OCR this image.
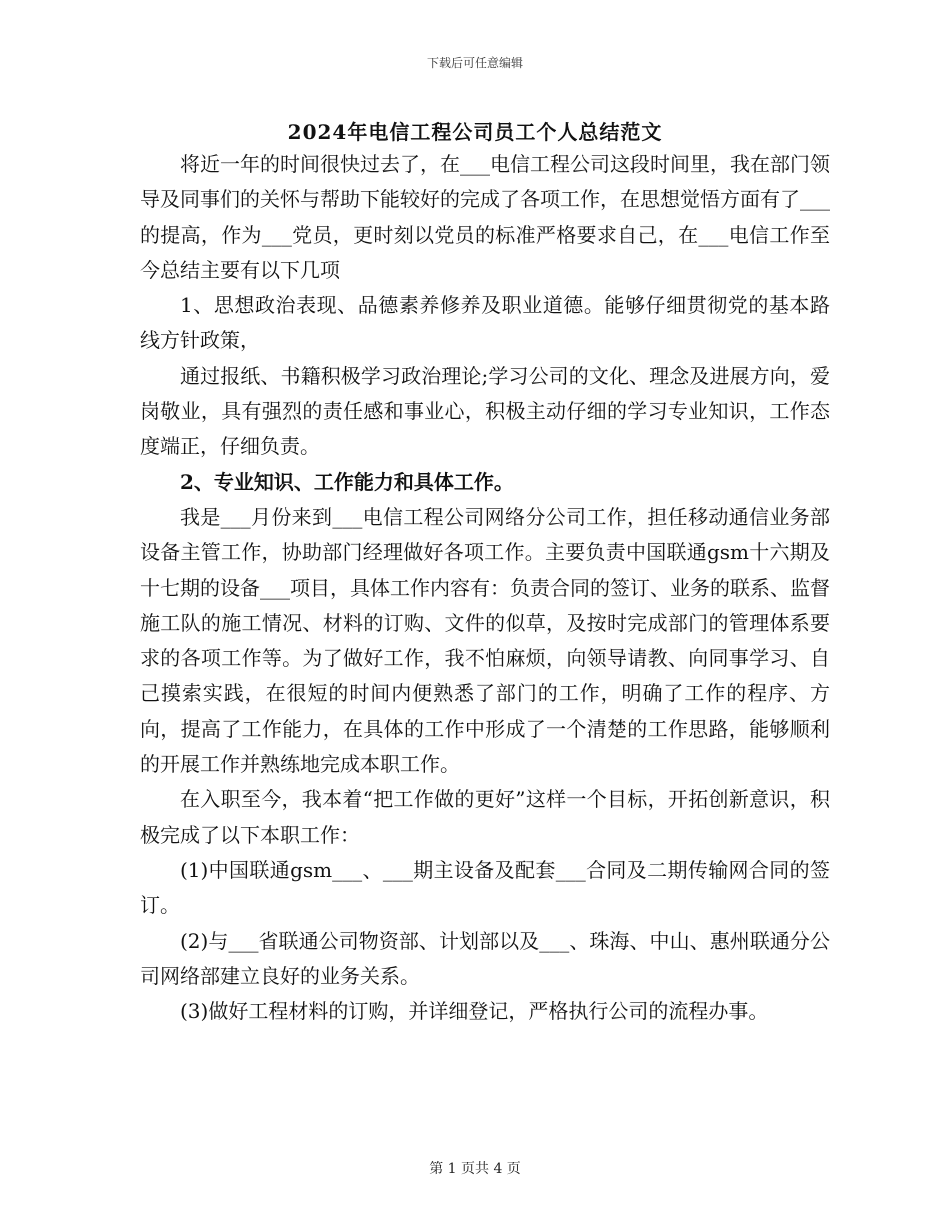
下载后可任意编辑
2024年电信工程公司员工个人总结范文

将近一年的时间很快过去了，在___电信工程公司这段时间里，我在部门领导及同事们的关怀与帮助下能较好的完成了各项工作，在思想觉悟方面有了___的提高，作为___党员，更时刻以党员的标准严格要求自己，在___电信工作至今总结主要有以下几项

1、思想政治表现、品德素养修养及职业道德。能够仔细贯彻党的基本路线方针政策，

通过报纸、书籍积极学习政治理论;学习公司的文化、理念及进展方向，爱岗敬业，具有强烈的责任感和事业心，积极主动仔细的学习专业知识，工作态度端正，仔细负责。

2、专业知识、工作能力和具体工作。

我是___月份来到___电信工程公司网络分公司工作，担任移动通信业务部设备主管工作，协助部门经理做好各项工作。主要负责中国联通gsm十六期及十七期的设备___项目，具体工作内容有：负责合同的签订、业务的联系、监督施工队的施工情况、材料的订购、文件的似草，及按时完成部门的管理体系要求的各项工作等。为了做好工作，我不怕麻烦，向领导请教、向同事学习、自己摸索实践，在很短的时间内便熟悉了部门的工作，明确了工作的程序、方向，提高了工作能力，在具体的工作中形成了一个清楚的工作思路，能够顺利的开展工作并熟练地完成本职工作。

在入职至今，我本着“把工作做的更好”这样一个目标，开拓创新意识，积极完成了以下本职工作：

(1)中国联通gsm___、___期主设备及配套___合同及二期传输网合同的签订。

(2)与___省联通公司物资部、计划部以及___、珠海、中山、惠州联通分公司网络部建立良好的业务关系。

(3)做好工程材料的订购，并详细登记，严格执行公司的流程办事。

第 1 页共 4 页
